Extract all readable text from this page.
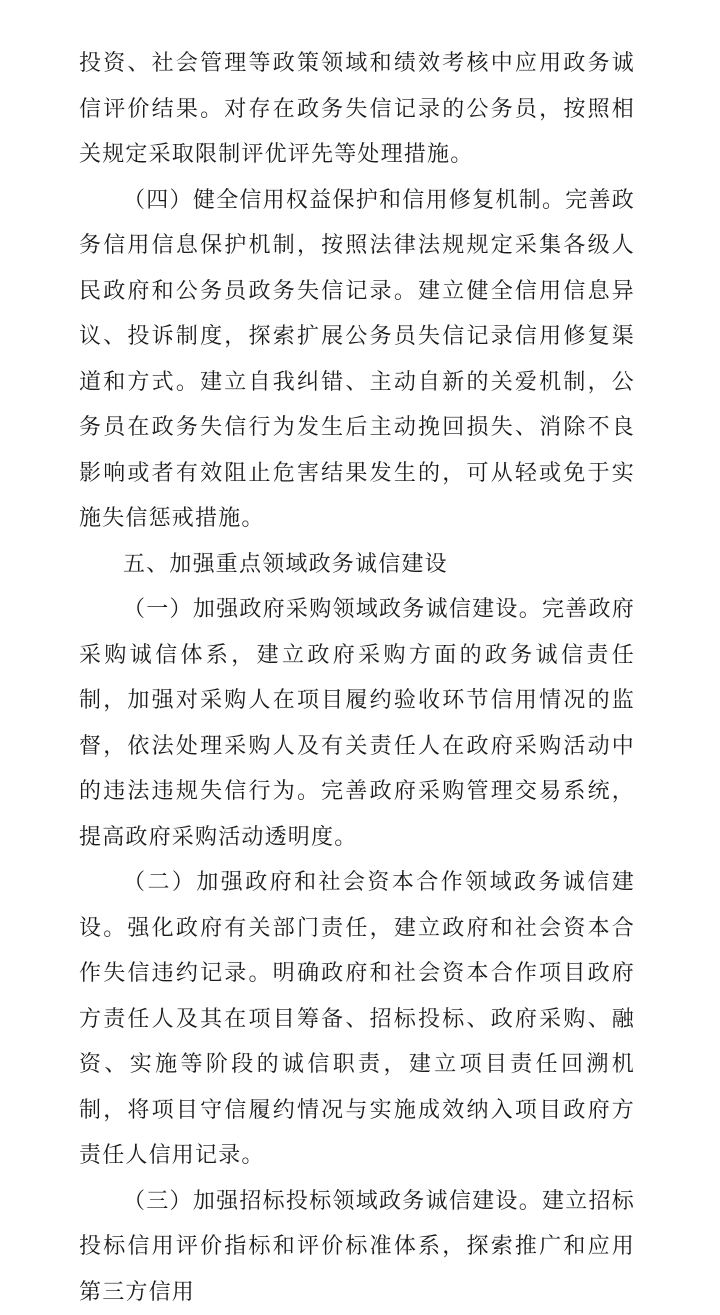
投资、社会管理等政策领域和绩效考核中应用政务诚信评价结果。对存在政务失信记录的公务员，按照相关规定采取限制评优评先等处理措施。

（四）健全信用权益保护和信用修复机制。完善政务信用信息保护机制，按照法律法规规定采集各级人民政府和公务员政务失信记录。建立健全信用信息异议、投诉制度，探索扩展公务员失信记录信用修复渠道和方式。建立自我纠错、主动自新的关爱机制，公务员在政务失信行为发生后主动挽回损失、消除不良影响或者有效阻止危害结果发生的，可从轻或免于实施失信惩戒措施。

五、加强重点领域政务诚信建设

（一）加强政府采购领域政务诚信建设。完善政府采购诚信体系，建立政府采购方面的政务诚信责任制，加强对采购人在项目履约验收环节信用情况的监督，依法处理采购人及有关责任人在政府采购活动中的违法违规失信行为。完善政府采购管理交易系统，提高政府采购活动透明度。

（二）加强政府和社会资本合作领域政务诚信建设。强化政府有关部门责任，建立政府和社会资本合作失信违约记录。明确政府和社会资本合作项目政府方责任人及其在项目筹备、招标投标、政府采购、融资、实施等阶段的诚信职责，建立项目责任回溯机制，将项目守信履约情况与实施成效纳入项目政府方责任人信用记录。

（三）加强招标投标领域政务诚信建设。建立招标投标信用评价指标和评价标准体系，探索推广和应用第三方信用
